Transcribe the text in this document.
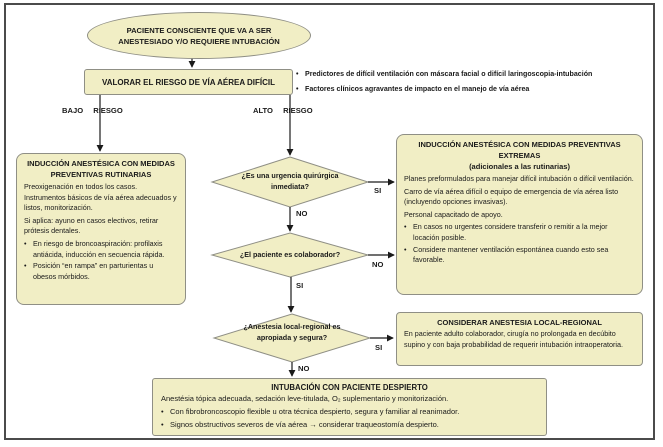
PACIENTE CONSCIENTE QUE VA A SER ANESTESIADO Y/O REQUIERE INTUBACIÓN
VALORAR EL RIESGO DE VÍA AÉREA DIFÍCIL
• Predictores de difícil ventilación con máscara facial o difícil laringoscopia-intubación
• Factores clínicos agravantes de impacto en el manejo de vía aérea
BAJO RIESGO	ALTO RIESGO
¿Es una urgencia quirúrgica inmediata?
¿El paciente es colaborador?
¿Anestesia local-regional es apropiada y segura?
SI
NO
NO
SI
SI
NO
INDUCCIÓN ANESTÉSICA CON MEDIDAS PREVENTIVAS RUTINARIAS

Preoxigenación en todos los casos. Instrumentos básicos de vía aérea adecuados y listos, monitorización.

Si aplica: ayuno en casos electivos, retirar prótesis dentales.

• En riesgo de broncoaspiración: profilaxis antiácida, inducción en secuencia rápida.
• Posición “en rampa” en parturientas u obesos mórbidos.
INDUCCIÓN ANESTÉSICA CON MEDIDAS PREVENTIVAS EXTREMAS
(adicionales a las rutinarias)

Planes preformulados para manejar difícil intubación o difícil ventilación.

Carro de vía aérea difícil o equipo de emergencia de vía aérea listo (incluyendo opciones invasivas).

Personal capacitado de apoyo.

• En casos no urgentes considere transferir o remitir a la mejor locación posible.
• Considere mantener ventilación espontánea cuando esto sea favorable.
CONSIDERAR ANESTESIA LOCAL-REGIONAL

En paciente adulto colaborador, cirugía no prolongada en decúbito supino y con baja probabilidad de requerir intubación intraoperatoria.

INTUBACIÓN CON PACIENTE DESPIERTO

Anestésia tópica adecuada, sedación leve-titulada, O₂ suplementario y monitorización.

• Con fibrobroncoscopio flexible u otra técnica despierto, segura y familiar al reanimador.
• Signos obstructivos severos de vía aérea → considerar traqueostomía despierto.
